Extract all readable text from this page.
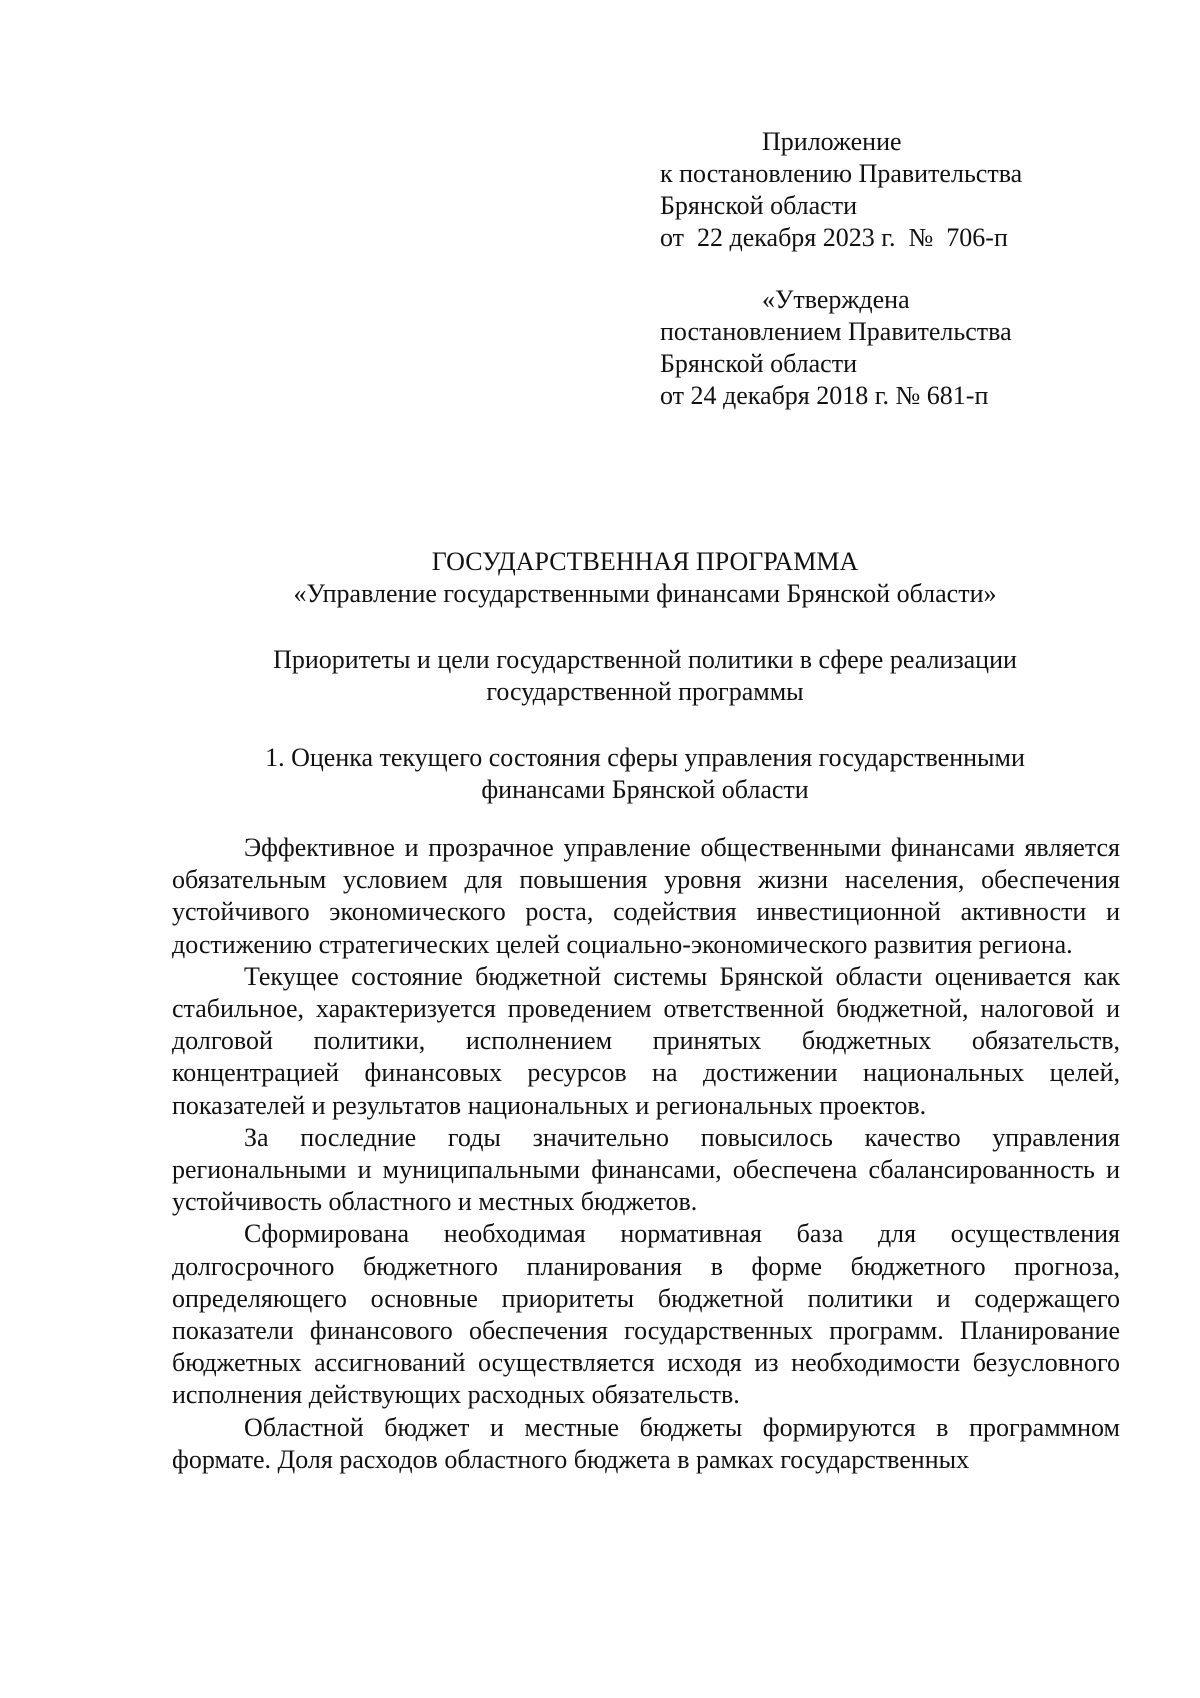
Приложение
к постановлению Правительства
Брянской области
от  22 декабря 2023 г.  №  706-п
«Утверждена
постановлением Правительства
Брянской области
от 24 декабря 2018 г. № 681-п
ГОСУДАРСТВЕННАЯ ПРОГРАММА
«Управление государственными финансами Брянской области»
Приоритеты и цели государственной политики в сфере реализации
государственной программы
1. Оценка текущего состояния сферы управления государственными
финансами Брянской области

Эффективное и прозрачное управление общественными финансами является обязательным условием для повышения уровня жизни населения, обеспечения устойчивого экономического роста, содействия инвестиционной активности и достижению стратегических целей социально-экономического развития региона.

Текущее состояние бюджетной системы Брянской области оценивается как стабильное, характеризуется проведением ответственной бюджетной, налоговой и долговой политики, исполнением принятых бюджетных обязательств, концентрацией финансовых ресурсов на достижении национальных целей, показателей и результатов национальных и региональных проектов.

За последние годы значительно повысилось качество управления региональными и муниципальными финансами, обеспечена сбалансированность и устойчивость областного и местных бюджетов.

Сформирована необходимая нормативная база для осуществления долгосрочного бюджетного планирования в форме бюджетного прогноза, определяющего основные приоритеты бюджетной политики и содержащего показатели финансового обеспечения государственных программ. Планирование бюджетных ассигнований осуществляется исходя из необходимости безусловного исполнения действующих расходных обязательств.

Областной бюджет и местные бюджеты формируются в программном формате. Доля расходов областного бюджета в рамках государственных
